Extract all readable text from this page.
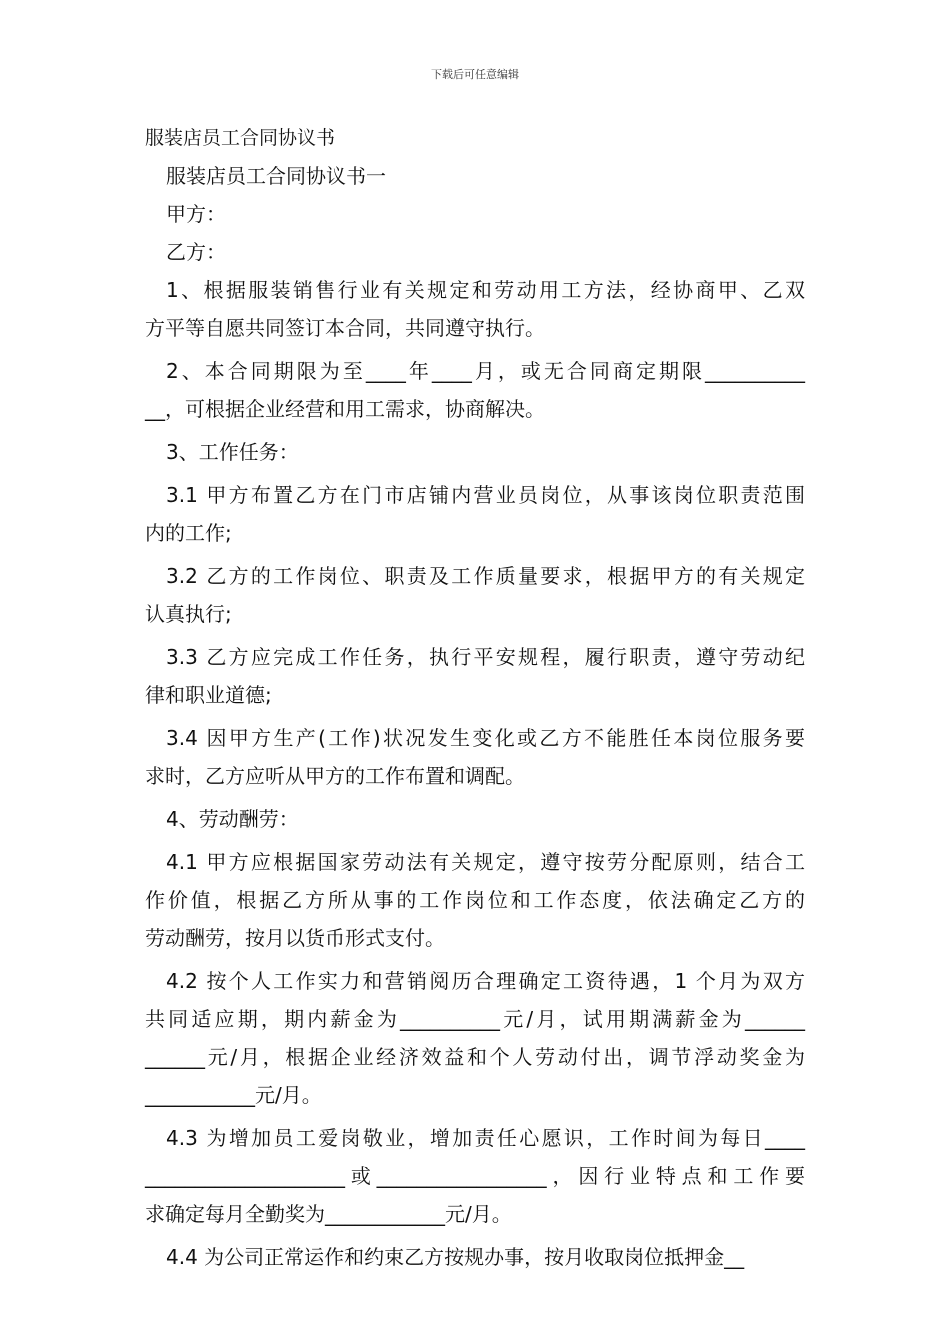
下载后可任意编辑
服装店员工合同协议书
服装店员工合同协议书一
甲方：
乙方：
1、根据服装销售行业有关规定和劳动用工方法，经协商甲、乙双
方平等自愿共同签订本合同，共同遵守执行。
2、本合同期限为至____年____月，或无合同商定期限__________
__，可根据企业经营和用工需求，协商解决。
3、工作任务：
3.1 甲方布置乙方在门市店铺内营业员岗位，从事该岗位职责范围
内的工作;
3.2 乙方的工作岗位、职责及工作质量要求，根据甲方的有关规定
认真执行;
3.3 乙方应完成工作任务，执行平安规程，履行职责，遵守劳动纪
律和职业道德;
3.4 因甲方生产(工作)状况发生变化或乙方不能胜任本岗位服务要
求时，乙方应听从甲方的工作布置和调配。
4、劳动酬劳：
4.1 甲方应根据国家劳动法有关规定，遵守按劳分配原则，结合工
作价值，根据乙方所从事的工作岗位和工作态度，依法确定乙方的
劳动酬劳，按月以货币形式支付。
4.2 按个人工作实力和营销阅历合理确定工资待遇，1 个月为双方
共同适应期，期内薪金为__________元/月，试用期满薪金为______
______元/月，根据企业经济效益和个人劳动付出，调节浮动奖金为
___________元/月。
4.3 为增加员工爱岗敬业，增加责任心愿识，工作时间为每日____
____________________或_________________，因行业特点和工作要
求确定每月全勤奖为____________元/月。
4.4 为公司正常运作和约束乙方按规办事，按月收取岗位抵押金__
